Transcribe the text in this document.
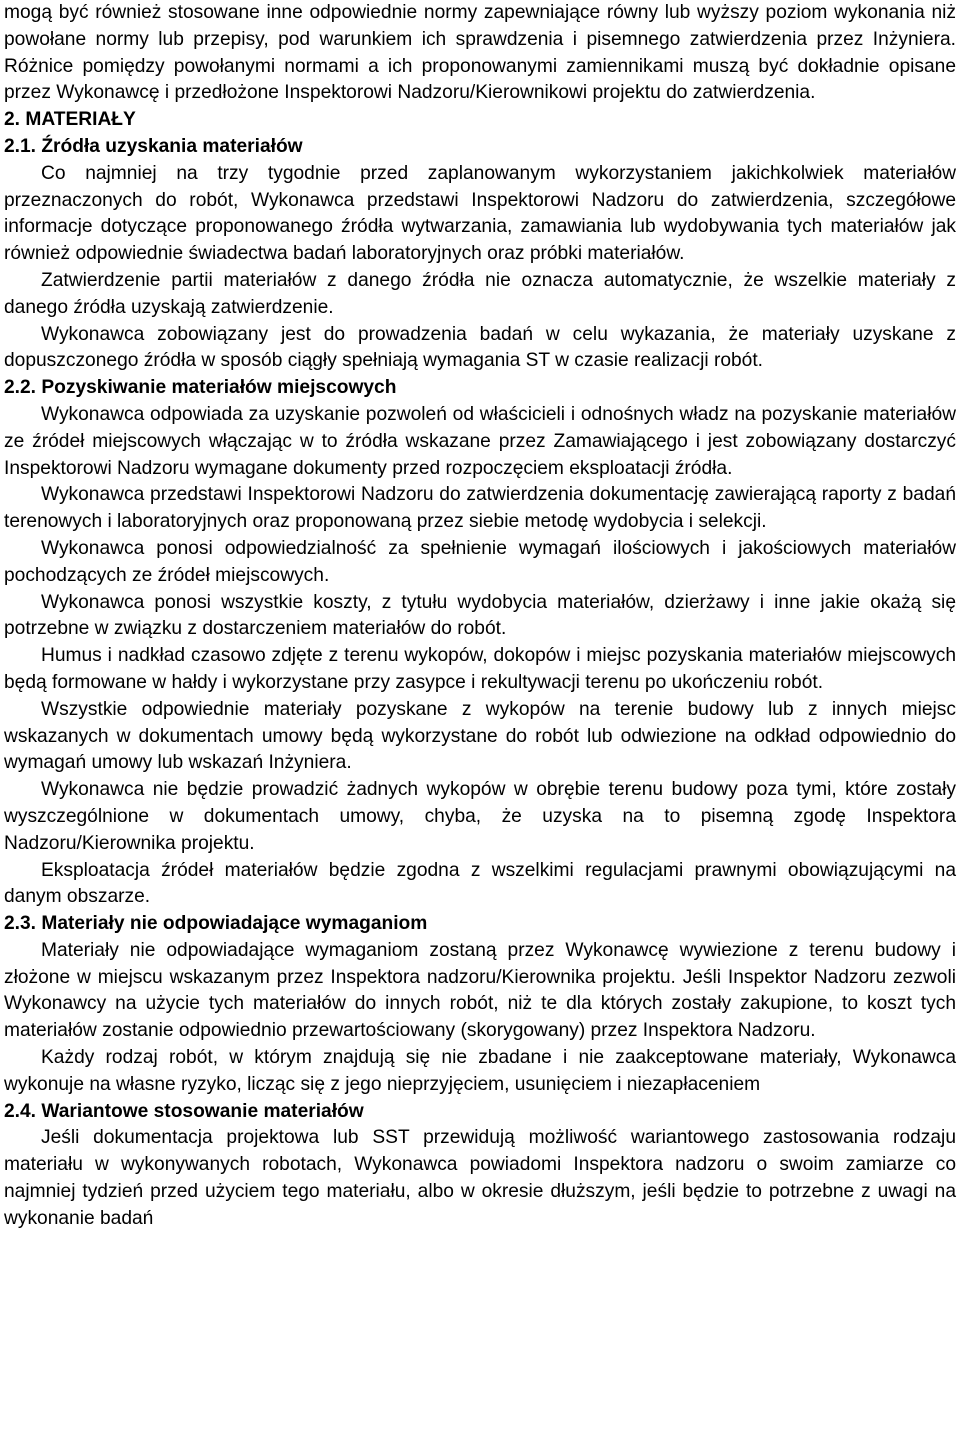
mogą być również stosowane inne odpowiednie normy zapewniające równy lub wyższy poziom wykonania niż powołane normy lub przepisy, pod warunkiem ich sprawdzenia i pisemnego zatwierdzenia przez Inżyniera. Różnice pomiędzy powołanymi normami a ich proponowanymi zamiennikami muszą być dokładnie opisane przez Wykonawcę i przedłożone Inspektorowi Nadzoru/Kierownikowi projektu do zatwierdzenia.

2. MATERIAŁY

2.1. Źródła uzyskania materiałów

Co najmniej na trzy tygodnie przed zaplanowanym wykorzystaniem jakichkolwiek materiałów przeznaczonych do robót, Wykonawca przedstawi Inspektorowi Nadzoru do zatwierdzenia, szczegółowe informacje dotyczące proponowanego źródła wytwarzania, zamawiania lub wydobywania tych materiałów jak również odpowiednie świadectwa badań laboratoryjnych oraz próbki materiałów.

Zatwierdzenie partii materiałów z danego źródła nie oznacza automatycznie, że wszelkie materiały z danego źródła uzyskają zatwierdzenie.

Wykonawca zobowiązany jest do prowadzenia badań w celu wykazania, że materiały uzyskane z dopuszczonego źródła w sposób ciągły spełniają wymagania ST w czasie realizacji robót.

2.2. Pozyskiwanie materiałów miejscowych

Wykonawca odpowiada za uzyskanie pozwoleń od właścicieli i odnośnych władz na pozyskanie materiałów ze źródeł miejscowych włączając w to źródła wskazane przez Zamawiającego i jest zobowiązany dostarczyć Inspektorowi Nadzoru wymagane dokumenty przed rozpoczęciem eksploatacji źródła.

Wykonawca przedstawi Inspektorowi Nadzoru do zatwierdzenia dokumentację zawierającą raporty z badań terenowych i laboratoryjnych oraz proponowaną przez siebie metodę wydobycia i selekcji.

Wykonawca ponosi odpowiedzialność za spełnienie wymagań ilościowych i jakościowych materiałów pochodzących ze źródeł miejscowych.

Wykonawca ponosi wszystkie koszty, z tytułu wydobycia materiałów, dzierżawy i inne jakie okażą się potrzebne w związku z dostarczeniem materiałów do robót.

Humus i nadkład czasowo zdjęte z terenu wykopów, dokopów i miejsc pozyskania materiałów miejscowych będą formowane w hałdy i wykorzystane przy zasypce i rekultywacji terenu po ukończeniu robót.

Wszystkie odpowiednie materiały pozyskane z wykopów na terenie budowy lub z innych miejsc wskazanych w dokumentach umowy będą wykorzystane do robót lub odwiezione na odkład odpowiednio do wymagań umowy lub wskazań Inżyniera.

Wykonawca nie będzie prowadzić żadnych wykopów w obrębie terenu budowy poza tymi, które zostały wyszczególnione w dokumentach umowy, chyba, że uzyska na to pisemną zgodę Inspektora Nadzoru/Kierownika projektu.

Eksploatacja źródeł materiałów będzie zgodna z wszelkimi regulacjami prawnymi obowiązującymi na danym obszarze.

2.3. Materiały nie odpowiadające wymaganiom

Materiały nie odpowiadające wymaganiom zostaną przez Wykonawcę wywiezione z terenu budowy i złożone w miejscu wskazanym przez Inspektora nadzoru/Kierownika projektu. Jeśli Inspektor Nadzoru zezwoli Wykonawcy na użycie tych materiałów do innych robót, niż te dla których zostały zakupione, to koszt tych materiałów zostanie odpowiednio przewartościowany (skorygowany) przez Inspektora Nadzoru.

Każdy rodzaj robót, w którym znajdują się nie zbadane i nie zaakceptowane materiały, Wykonawca wykonuje na własne ryzyko, licząc się z jego nieprzyjęciem, usunięciem i niezapłaceniem

2.4. Wariantowe stosowanie materiałów

Jeśli dokumentacja projektowa lub SST przewidują możliwość wariantowego zastosowania rodzaju materiału w wykonywanych robotach, Wykonawca powiadomi Inspektora nadzoru o swoim zamiarze co najmniej tydzień przed użyciem tego materiału, albo w okresie dłuższym, jeśli będzie to potrzebne z uwagi na wykonanie badań
